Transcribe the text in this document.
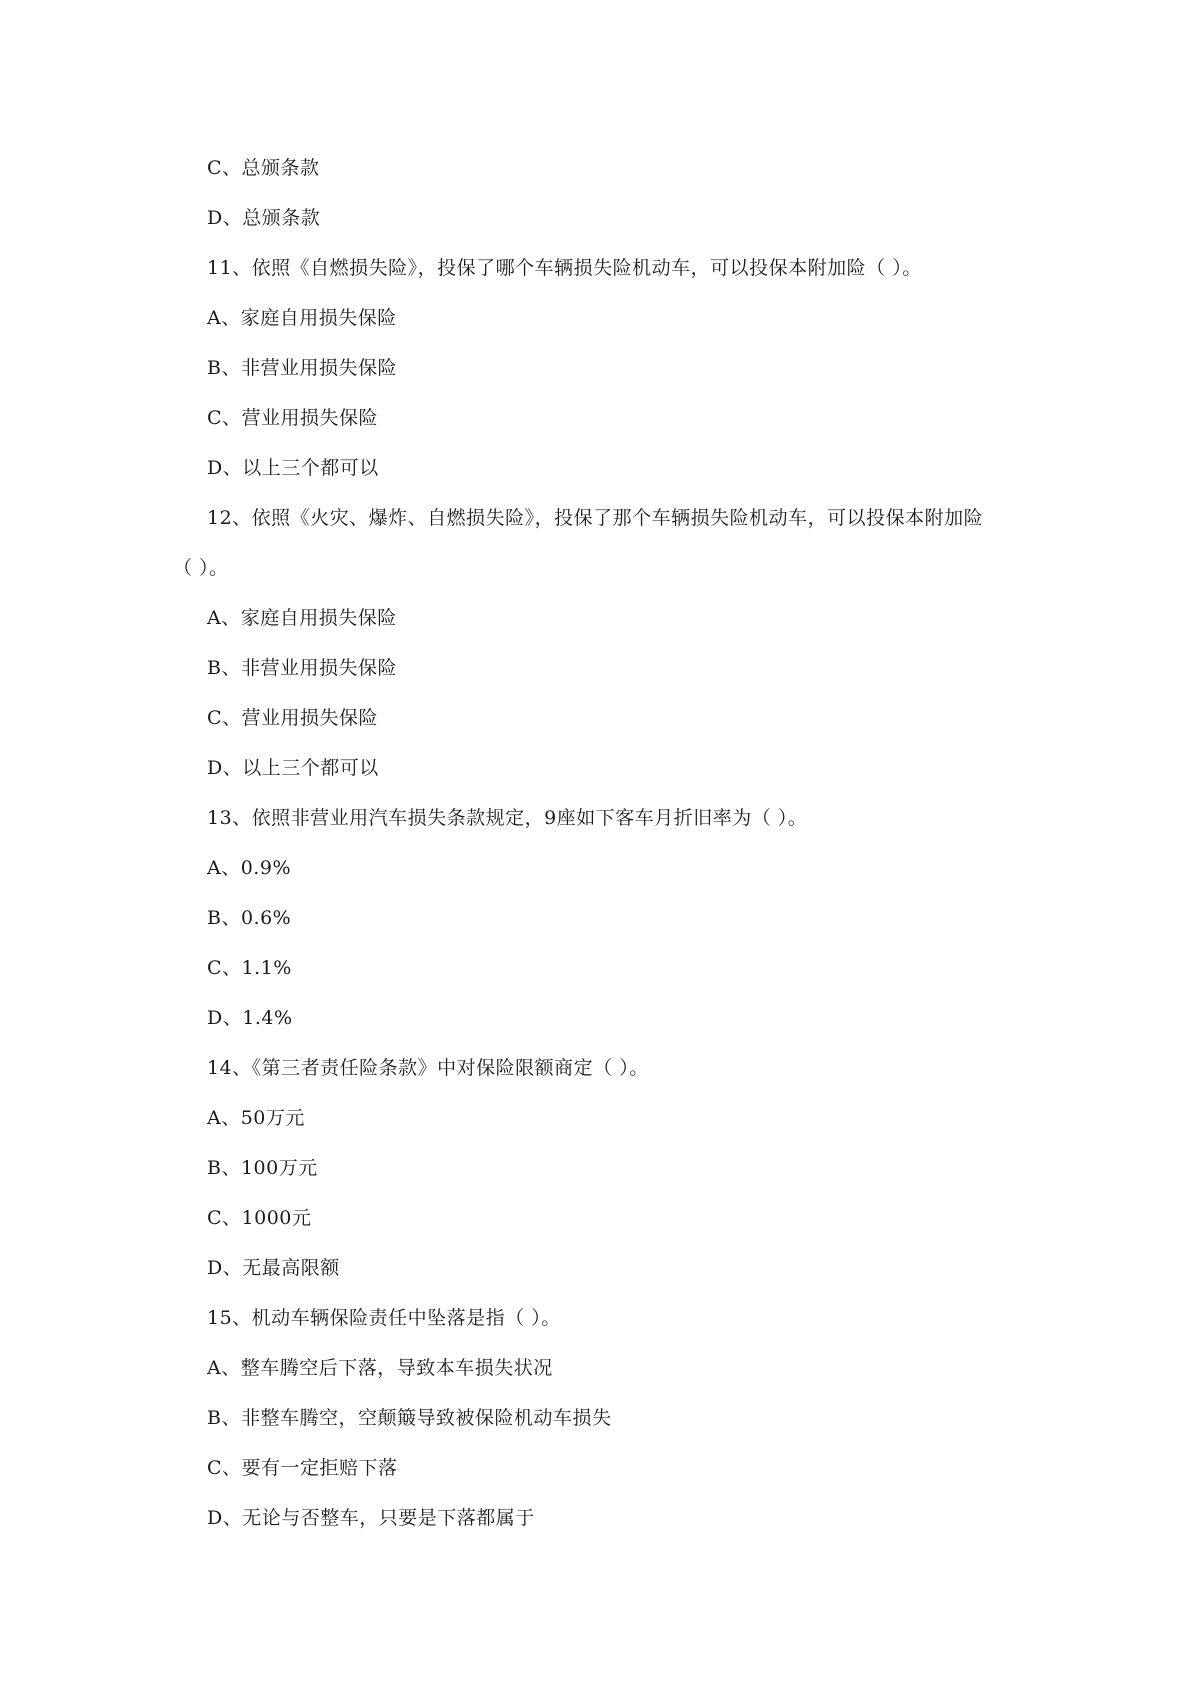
C、总颁条款
D、总颁条款
11、依照《自燃损失险》，投保了哪个车辆损失险机动车，可以投保本附加险（ ）。
A、家庭自用损失保险
B、非营业用损失保险
C、营业用损失保险
D、以上三个都可以
12、依照《火灾、爆炸、自燃损失险》，投保了那个车辆损失险机动车，可以投保本附加险
（ ）。
A、家庭自用损失保险
B、非营业用损失保险
C、营业用损失保险
D、以上三个都可以
13、依照非营业用汽车损失条款规定，9座如下客车月折旧率为（ ）。
A、0.9%
B、0.6%
C、1.1%
D、1.4%
14、《第三者责任险条款》中对保险限额商定（ ）。
A、50万元
B、100万元
C、1000元
D、无最高限额
15、机动车辆保险责任中坠落是指（ ）。
A、整车腾空后下落，导致本车损失状况
B、非整车腾空，空颠簸导致被保险机动车损失
C、要有一定拒赔下落
D、无论与否整车，只要是下落都属于
